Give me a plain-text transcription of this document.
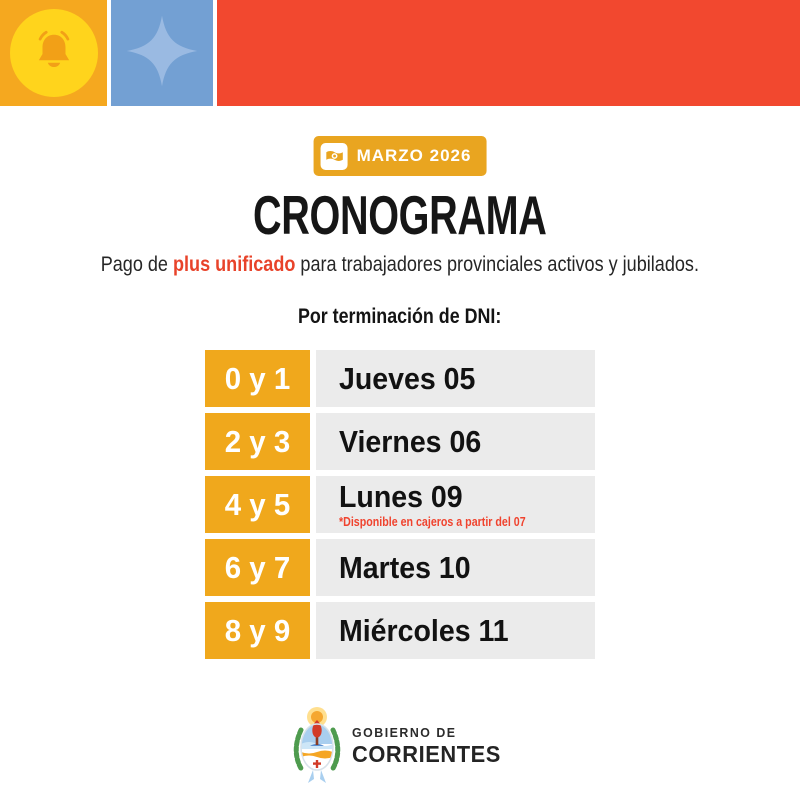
MARZO 2026
CRONOGRAMA
Pago de plus unificado para trabajadores provinciales activos y jubilados.
Por terminación de DNI:
0 y 1 Jueves 05
2 y 3 Viernes 06
4 y 5 Lunes 09
*Disponible en cajeros a partir del 07
6 y 7 Martes 10
8 y 9 Miércoles 11
GOBIERNO DE
CORRIENTES
